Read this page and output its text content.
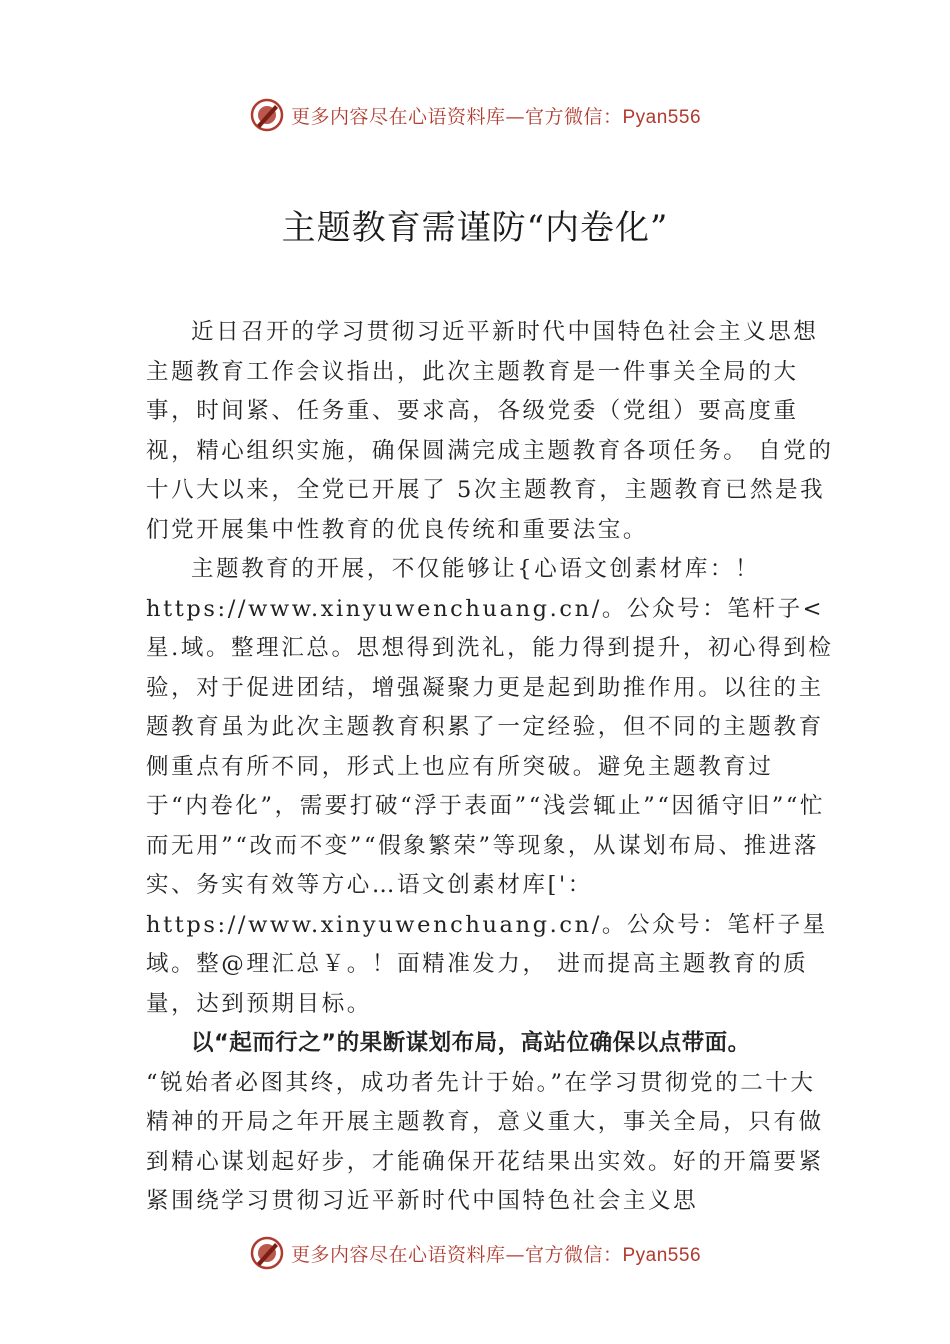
更多内容尽在心语资料库—官方微信：Pyan556
主题教育需谨防“内卷化”

近日召开的学习贯彻习近平新时代中国特色社会主义思想主题教育工作会议指出，此次主题教育是一件事关全局的大事，时间紧、任务重、要求高，各级党委（党组）要高度重视，精心组织实施，确保圆满完成主题教育各项任务。 自党的十八大以来，全党已开展了 5次主题教育，主题教育已然是我们党开展集中性教育的优良传统和重要法宝。

主题教育的开展，不仅能够让{心语文创素材库：！

https://www.xinyuwenchuang.cn/。公众号：笔杆子<星.域。整理汇总。思想得到洗礼，能力得到提升，初心得到检验，对于促进团结，增强凝聚力更是起到助推作用。以往的主题教育虽为此次主题教育积累了一定经验，但不同的主题教育侧重点有所不同，形式上也应有所突破。避免主题教育过于“内卷化”，需要打破“浮于表面”“浅尝辄止”“因循守旧”“忙而无用”“改而不变”“假象繁荣”等现象，从谋划布局、推进落实、务实有效等方心…语文创素材库['：

https://www.xinyuwenchuang.cn/。公众号：笔杆子星域。整@理汇总￥。！面精准发力， 进而提高主题教育的质量，达到预期目标。

以“起而行之”的果断谋划布局，高站位确保以点带面。

“锐始者必图其终，成功者先计于始。”在学习贯彻党的二十大精神的开局之年开展主题教育，意义重大，事关全局，只有做到精心谋划起好步，才能确保开花结果出实效。好的开篇要紧紧围绕学习贯彻习近平新时代中国特色社会主义思

更多内容尽在心语资料库—官方微信：Pyan556
